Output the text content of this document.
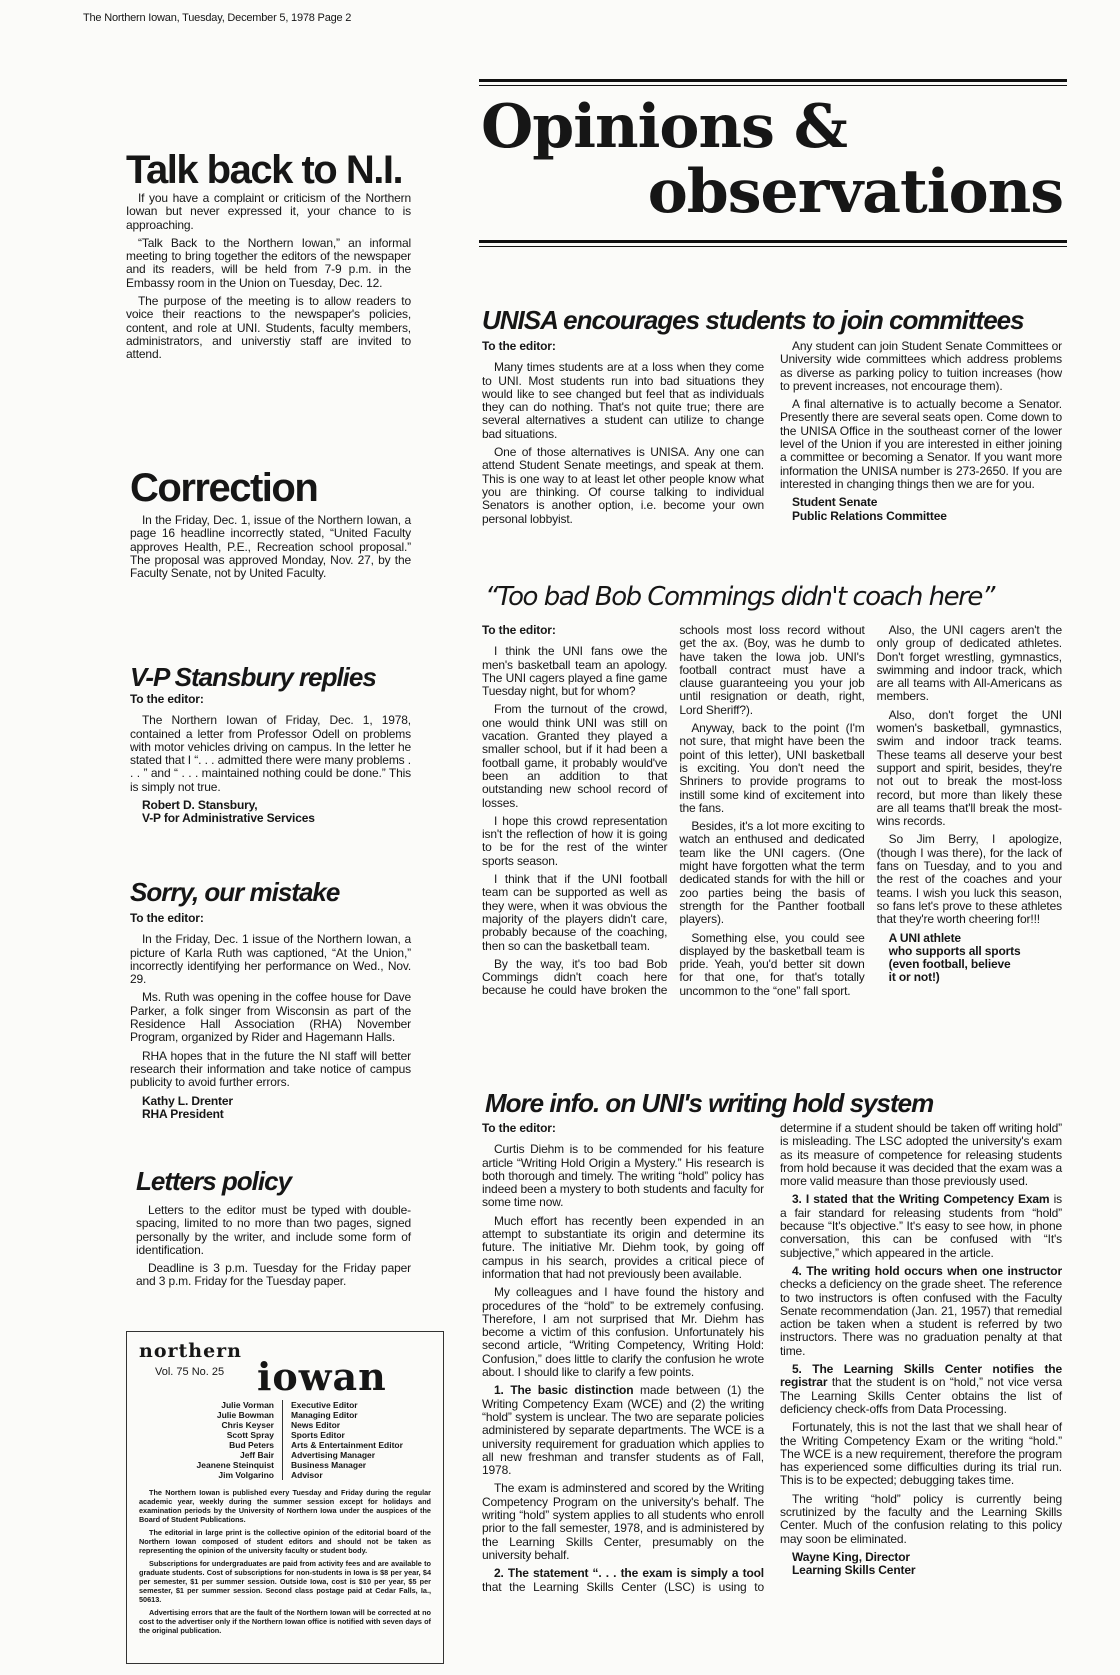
The Northern Iowan, Tuesday, December 5, 1978 Page 2
Opinions &
observations
Talk back to N.I.

If you have a complaint or criticism of the Northern Iowan but never expressed it, your chance to is approaching.

“Talk Back to the Northern Iowan,” an informal meeting to bring together the editors of the newspaper and its readers, will be held from 7-9 p.m. in the Embassy room in the Union on Tuesday, Dec. 12.

The purpose of the meeting is to allow readers to voice their reactions to the newspaper's policies, content, and role at UNI. Students, faculty members, administrators, and universtiy staff are invited to attend.

Correction

In the Friday, Dec. 1, issue of the Northern Iowan, a page 16 headline incorrectly stated, “United Faculty approves Health, P.E., Recreation school proposal.” The proposal was approved Monday, Nov. 27, by the Faculty Senate, not by United Faculty.

V-P Stansbury replies

To the editor:

The Northern Iowan of Friday, Dec. 1, 1978, contained a letter from Professor Odell on problems with motor vehicles driving on campus. In the letter he stated that I “. . . admitted there were many problems . . . ” and “ . . . maintained nothing could be done.” This is simply not true.

Robert D. Stansbury,
V-P for Administrative Services
Sorry, our mistake

To the editor:

In the Friday, Dec. 1 issue of the Northern Iowan, a picture of Karla Ruth was captioned, “At the Union,” incorrectly identifying her performance on Wed., Nov. 29.

Ms. Ruth was opening in the coffee house for Dave Parker, a folk singer from Wisconsin as part of the Residence Hall Association (RHA) November Program, organized by Rider and Hagemann Halls.

RHA hopes that in the future the NI staff will better research their information and take notice of campus publicity to avoid further errors.

Kathy L. Drenter
RHA President
Letters policy

Letters to the editor must be typed with double-spacing, limited to no more than two pages, signed personally by the writer, and include some form of identification.

Deadline is 3 p.m. Tuesday for the Friday paper and 3 p.m. Friday for the Tuesday paper.

northern
Vol. 75 No. 25 iowan
Julie Vorman
Julie Bowman
Chris Keyser
Scott Spray
Bud Peters
Jeff Bair
Jeanene Steinquist
Jim Volgarino
Executive Editor
Managing Editor
News Editor
Sports Editor
Arts & Entertainment Editor
Advertising Manager
Business Manager
Advisor

The Northern Iowan is published every Tuesday and Friday during the regular academic year, weekly during the summer session except for holidays and examination periods by the University of Northern Iowa under the auspices of the Board of Student Publications.

The editorial in large print is the collective opinion of the editorial board of the Northern Iowan composed of student editors and should not be taken as representing the opinion of the university faculty or student body.

Subscriptions for undergraduates are paid from activity fees and are available to graduate students. Cost of subscriptions for non-students in Iowa is $8 per year, $4 per semester, $1 per summer session. Outside Iowa, cost is $10 per year, $5 per semester, $1 per summer session. Second class postage paid at Cedar Falls, Ia., 50613.

Advertising errors that are the fault of the Northern Iowan will be corrected at no cost to the advertiser only if the Northern Iowan office is notified with seven days of the original publication.

UNISA encourages students to join committees

To the editor:

Many times students are at a loss when they come to UNI. Most students run into bad situations they would like to see changed but feel that as individuals they can do nothing. That's not quite true; there are several alternatives a student can utilize to change bad situations.

One of those alternatives is UNISA. Any one can attend Student Senate meetings, and speak at them. This is one way to at least let other people know what you are thinking. Of course talking to individual Senators is another option, i.e. become your own personal lobbyist.

Any student can join Student Senate Committees or University wide committees which address problems as diverse as parking policy to tuition increases (how to prevent increases, not encourage them).

A final alternative is to actually become a Senator. Presently there are several seats open. Come down to the UNISA Office in the southeast corner of the lower level of the Union if you are interested in either joining a committee or becoming a Senator. If you want more information the UNISA number is 273-2650. If you are interested in changing things then we are for you.

Student Senate
Public Relations Committee
“Too bad Bob Commings didn't coach here”

To the editor:

I think the UNI fans owe the men's basketball team an apology. The UNI cagers played a fine game Tuesday night, but for whom?

From the turnout of the crowd, one would think UNI was still on vacation. Granted they played a smaller school, but if it had been a football game, it probably would've been an addition to that outstanding new school record of losses.

I hope this crowd representation isn't the reflection of how it is going to be for the rest of the winter sports season.

I think that if the UNI football team can be supported as well as they were, when it was obvious the majority of the players didn't care, probably because of the coaching, then so can the basketball team.

By the way, it's too bad Bob Commings didn't coach here because he could have broken the schools most loss record without get the ax. (Boy, was he dumb to have taken the Iowa job. UNI's football contract must have a clause guaranteeing you your job until resignation or death, right, Lord Sheriff?).

Anyway, back to the point (I'm not sure, that might have been the point of this letter), UNI basketball is exciting. You don't need the Shriners to provide programs to instill some kind of excitement into the fans.

Besides, it's a lot more exciting to watch an enthused and dedicated team like the UNI cagers. (One might have forgotten what the term dedicated stands for with the hill or zoo parties being the basis of strength for the Panther football players).

Something else, you could see displayed by the basketball team is pride. Yeah, you'd better sit down for that one, for that's totally uncommon to the “one” fall sport.

Also, the UNI cagers aren't the only group of dedicated athletes. Don't forget wrestling, gymnastics, swimming and indoor track, which are all teams with All-Americans as members.

Also, don't forget the UNI women's basketball, gymnastics, swim and indoor track teams. These teams all deserve your best support and spirit, besides, they're not out to break the most-loss record, but more than likely these are all teams that'll break the most-wins records.

So Jim Berry, I apologize, (though I was there), for the lack of fans on Tuesday, and to you and the rest of the coaches and your teams. I wish you luck this season, so fans let's prove to these athletes that they're worth cheering for!!!

A UNI athlete
who supports all sports
(even football, believe
it or not!)
More info. on UNI's writing hold system

To the editor:

Curtis Diehm is to be commended for his feature article “Writing Hold Origin a Mystery.” His research is both thorough and timely. The writing “hold” policy has indeed been a mystery to both students and faculty for some time now.

Much effort has recently been expended in an attempt to substantiate its origin and determine its future. The initiative Mr. Diehm took, by going off campus in his search, provides a critical piece of information that had not previously been available.

My colleagues and I have found the history and procedures of the “hold” to be extremely confusing. Therefore, I am not surprised that Mr. Diehm has become a victim of this confusion. Unfortunately his second article, “Writing Competency, Writing Hold: Confusion,” does little to clarify the confusion he wrote about. I should like to clarify a few points.

1. The basic distinction made between (1) the Writing Competency Exam (WCE) and (2) the writing “hold” system is unclear. The two are separate policies administered by separate departments. The WCE is a university requirement for graduation which applies to all new freshman and transfer students as of Fall, 1978.

The exam is adminstered and scored by the Writing Competency Program on the university's behalf. The writing “hold” system applies to all students who enroll prior to the fall semester, 1978, and is administered by the Learning Skills Center, presumably on the university behalf.

2. The statement “. . . the exam is simply a tool that the Learning Skills Center (LSC) is using to determine if a student should be taken off writing hold” is misleading. The LSC adopted the university's exam as its measure of competence for releasing students from hold because it was decided that the exam was a more valid measure than those previously used.

3. I stated that the Writing Competency Exam is a fair standard for releasing students from “hold” because “It's objective.” It's easy to see how, in phone conversation, this can be confused with “It's subjective,” which appeared in the article.

4. The writing hold occurs when one instructor checks a deficiency on the grade sheet. The reference to two instructors is often confused with the Faculty Senate recommendation (Jan. 21, 1957) that remedial action be taken when a student is referred by two instructors. There was no graduation penalty at that time.

5. The Learning Skills Center notifies the registrar that the student is on “hold,” not vice versa The Learning Skills Center obtains the list of deficiency check-offs from Data Processing.

Fortunately, this is not the last that we shall hear of the Writing Competency Exam or the writing “hold.” The WCE is a new requirement, therefore the program has experienced some difficulties during its trial run. This is to be expected; debugging takes time.

The writing “hold” policy is currently being scrutinized by the faculty and the Learning Skills Center. Much of the confusion relating to this policy may soon be eliminated.

Wayne King, Director
Learning Skills Center
